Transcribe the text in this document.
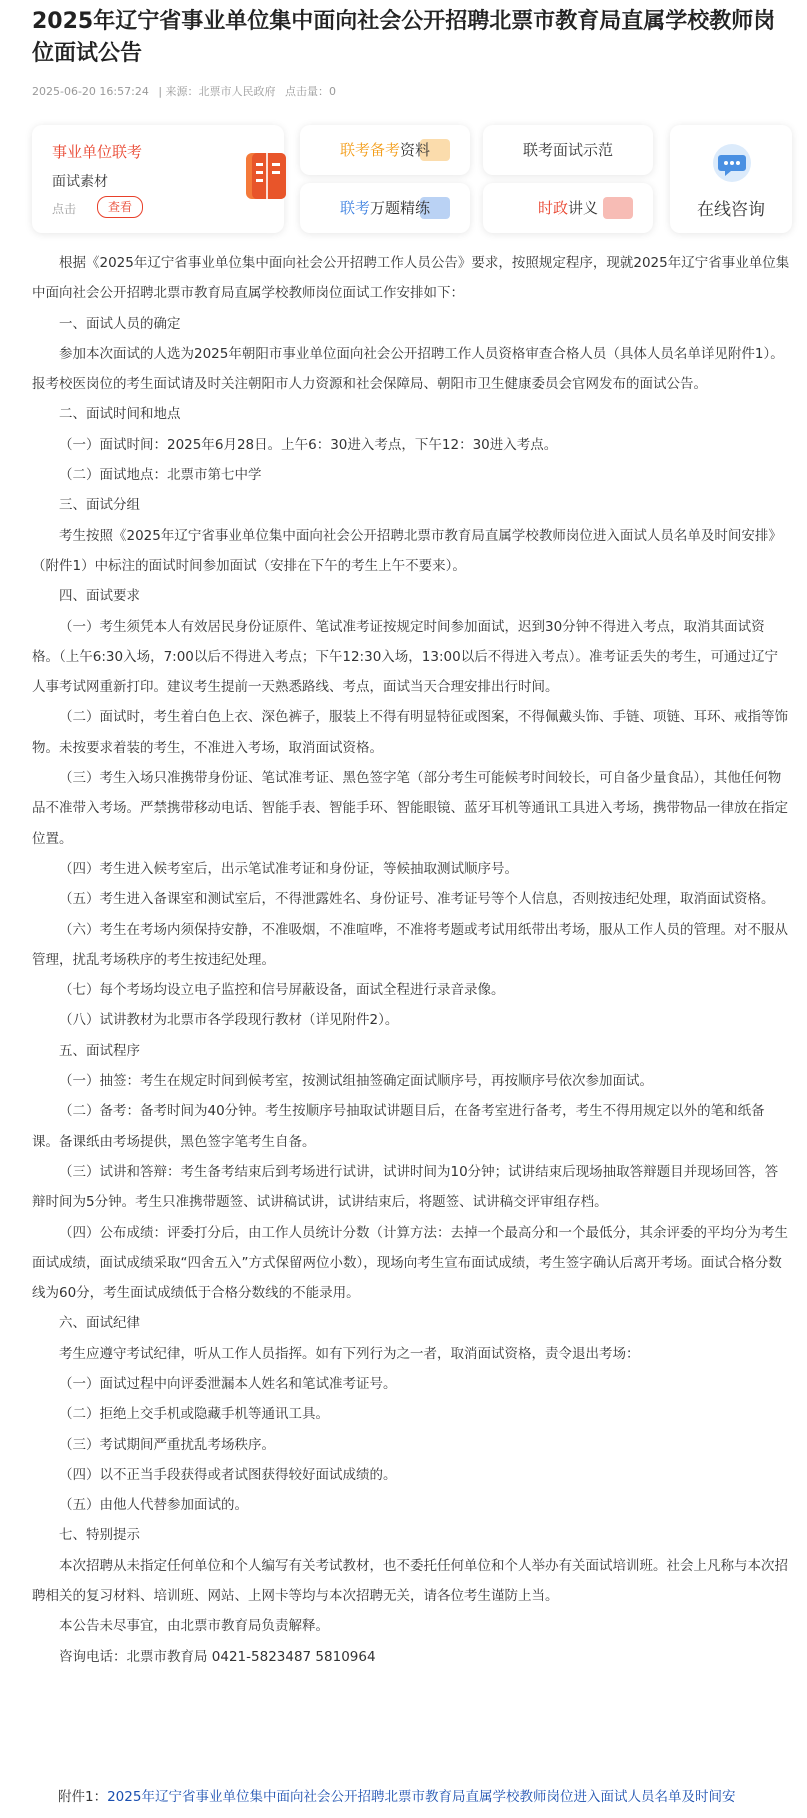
2025年辽宁省事业单位集中面向社会公开招聘北票市教育局直属学校教师岗位面试公告
2025-06-20 16:57:24 | 来源：北票市人民政府 点击量：0
事业单位联考
面试素材
点击	查看
联考备考资料	联考面试示范
联考万题精练	时政讲义	在线咨询

根据《2025年辽宁省事业单位集中面向社会公开招聘工作人员公告》要求，按照规定程序，现就2025年辽宁省事业单位集中面向社会公开招聘北票市教育局直属学校教师岗位面试工作安排如下：

一、面试人员的确定

参加本次面试的人选为2025年朝阳市事业单位面向社会公开招聘工作人员资格审查合格人员（具体人员名单详见附件1）。报考校医岗位的考生面试请及时关注朝阳市人力资源和社会保障局、朝阳市卫生健康委员会官网发布的面试公告。

二、面试时间和地点

（一）面试时间：2025年6月28日。上午6：30进入考点，下午12：30进入考点。

（二）面试地点：北票市第七中学

三、面试分组

考生按照《2025年辽宁省事业单位集中面向社会公开招聘北票市教育局直属学校教师岗位进入面试人员名单及时间安排》（附件1）中标注的面试时间参加面试（安排在下午的考生上午不要来）。

四、面试要求

（一）考生须凭本人有效居民身份证原件、笔试准考证按规定时间参加面试，迟到30分钟不得进入考点，取消其面试资格。（上午6:30入场，7:00以后不得进入考点；下午12:30入场，13:00以后不得进入考点）。准考证丢失的考生，可通过辽宁人事考试网重新打印。建议考生提前一天熟悉路线、考点，面试当天合理安排出行时间。

（二）面试时，考生着白色上衣、深色裤子，服装上不得有明显特征或图案，不得佩戴头饰、手链、项链、耳环、戒指等饰物。未按要求着装的考生，不准进入考场，取消面试资格。

（三）考生入场只准携带身份证、笔试准考证、黑色签字笔（部分考生可能候考时间较长，可自备少量食品），其他任何物品不准带入考场。严禁携带移动电话、智能手表、智能手环、智能眼镜、蓝牙耳机等通讯工具进入考场，携带物品一律放在指定位置。

（四）考生进入候考室后，出示笔试准考证和身份证，等候抽取测试顺序号。

（五）考生进入备课室和测试室后，不得泄露姓名、身份证号、准考证号等个人信息，否则按违纪处理，取消面试资格。

（六）考生在考场内须保持安静，不准吸烟，不准喧哗，不准将考题或考试用纸带出考场，服从工作人员的管理。对不服从管理，扰乱考场秩序的考生按违纪处理。

（七）每个考场均设立电子监控和信号屏蔽设备，面试全程进行录音录像。

（八）试讲教材为北票市各学段现行教材（详见附件2）。

五、面试程序

（一）抽签：考生在规定时间到候考室，按测试组抽签确定面试顺序号，再按顺序号依次参加面试。

（二）备考：备考时间为40分钟。考生按顺序号抽取试讲题目后，在备考室进行备考，考生不得用规定以外的笔和纸备课。备课纸由考场提供，黑色签字笔考生自备。

（三）试讲和答辩：考生备考结束后到考场进行试讲，试讲时间为10分钟；试讲结束后现场抽取答辩题目并现场回答，答辩时间为5分钟。考生只准携带题签、试讲稿试讲，试讲结束后，将题签、试讲稿交评审组存档。

（四）公布成绩：评委打分后，由工作人员统计分数（计算方法：去掉一个最高分和一个最低分，其余评委的平均分为考生面试成绩，面试成绩采取“四舍五入”方式保留两位小数），现场向考生宣布面试成绩，考生签字确认后离开考场。面试合格分数线为60分，考生面试成绩低于合格分数线的不能录用。

六、面试纪律

考生应遵守考试纪律，听从工作人员指挥。如有下列行为之一者，取消面试资格，责令退出考场：

（一）面试过程中向评委泄漏本人姓名和笔试准考证号。

（二）拒绝上交手机或隐藏手机等通讯工具。

（三）考试期间严重扰乱考场秩序。

（四）以不正当手段获得或者试图获得较好面试成绩的。

（五）由他人代替参加面试的。

七、特别提示

本次招聘从未指定任何单位和个人编写有关考试教材，也不委托任何单位和个人举办有关面试培训班。社会上凡称与本次招聘相关的复习材料、培训班、网站、上网卡等均与本次招聘无关，请各位考生谨防上当。

本公告未尽事宜，由北票市教育局负责解释。

咨询电话：北票市教育局 0421-5823487 5810964

附件1：2025年辽宁省事业单位集中面向社会公开招聘北票市教育局直属学校教师岗位进入面试人员名单及时间安
